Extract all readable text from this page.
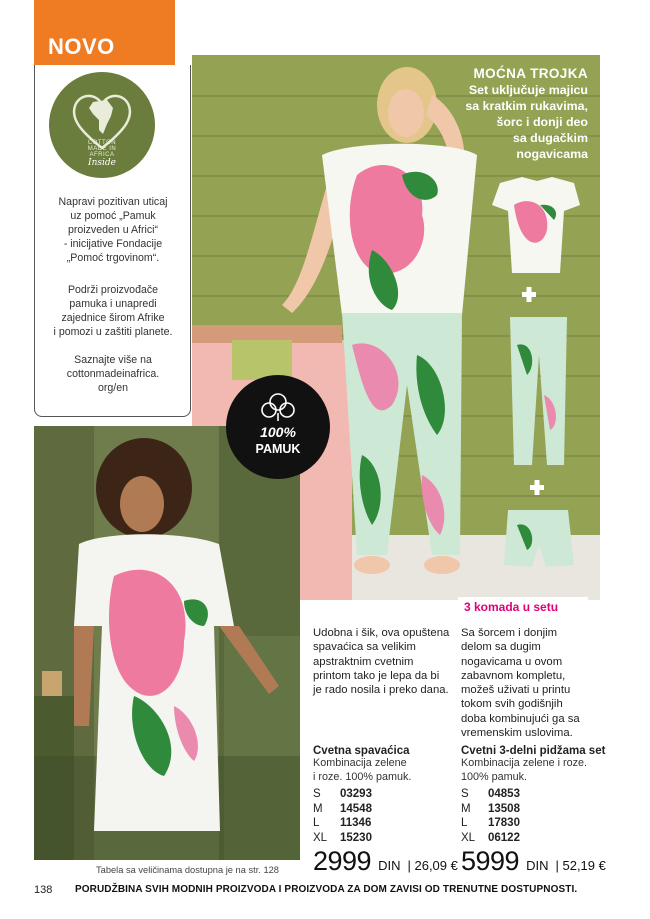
NOVO
COTTON
MADE IN
AFRICA
Inside
Napravi pozitivan uticaj
uz pomoć „Pamuk
proizveden u Africi“
- inicijative Fondacije
„Pomoć trgovinom“.
Podrži proizvođače
pamuka i unapredi
zajednice širom Afrike
i pomozi u zaštiti planete.
Saznajte više na
cottonmadeinafrica.
org/en
MOĆNA TROJKA
Set uključuje majicu
sa kratkim rukavima,
šorc i donji deo
sa dugačkim
nogavicama
100%
PAMUK
3 komada u setu
Udobna i šik, ova opuštena
spavaćica sa velikim
apstraktnim cvetnim
printom tako je lepa da bi
je rado nosila i preko dana.
Sa šorcem i donjim
delom sa dugim
nogavicama u ovom
zabavnom kompletu,
možeš uživati u printu
tokom svih godišnjih
doba kombinujući ga sa
vremenskim uslovima.
Cvetna spavaćica
Kombinacija zelene
i roze. 100% pamuk.
S 03293
M 14548
L 11346
XL 15230
Cvetni 3-delni pidžama set
Kombinacija zelene i roze.
100% pamuk.
S 04853
M 13508
L 17830
XL 06122
2999 DIN | 26,09 € 5999 DIN | 52,19 €
Tabela sa veličinama dostupna je na str. 128
138 PORUDŽBINA SVIH MODNIH PROIZVODA I PROIZVODA ZA DOM ZAVISI OD TRENUTNE DOSTUPNOSTI.
